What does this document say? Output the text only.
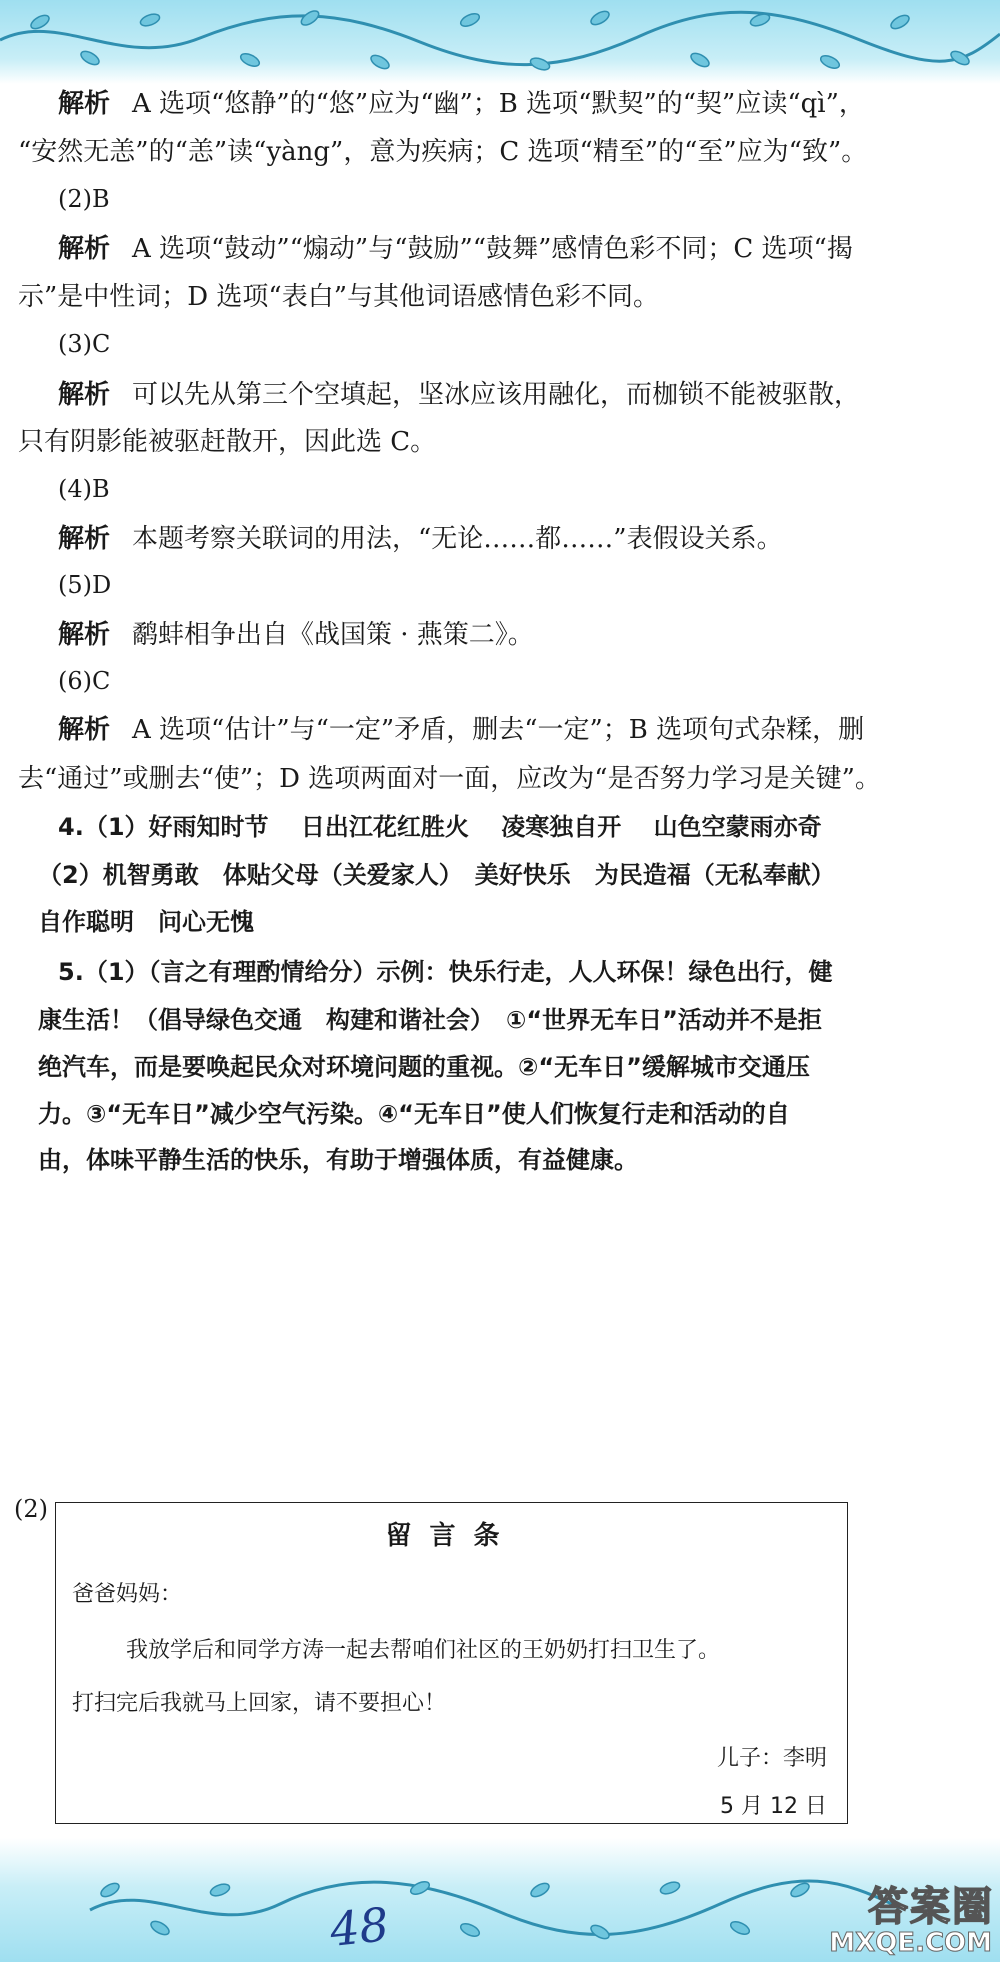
解析 A 选项“悠静”的“悠”应为“幽”；B 选项“默契”的“契”应读“qì”，
“安然无恙”的“恙”读“yàng”，意为疾病；C 选项“精至”的“至”应为“致”。
(2)B
解析 A 选项“鼓动”“煽动”与“鼓励”“鼓舞”感情色彩不同；C 选项“揭
示”是中性词；D 选项“表白”与其他词语感情色彩不同。
(3)C
解析 可以先从第三个空填起，坚冰应该用融化，而枷锁不能被驱散，
只有阴影能被驱赶散开，因此选 C。
(4)B
解析 本题考察关联词的用法，“无论……都……”表假设关系。
(5)D
解析 鹬蚌相争出自《战国策 · 燕策二》。
(6)C
解析 A 选项“估计”与“一定”矛盾，删去“一定”；B 选项句式杂糅，删
去“通过”或删去“使”；D 选项两面对一面，应改为“是否努力学习是关键”。
4.（1）好雨知时节　 日出江花红胜火　 凌寒独自开　 山色空蒙雨亦奇
（2）机智勇敢　体贴父母（关爱家人）　美好快乐　为民造福（无私奉献）
自作聪明　问心无愧
5.（1）（言之有理酌情给分）示例：快乐行走，人人环保！绿色出行，健
康生活！（倡导绿色交通　构建和谐社会）　①“世界无车日”活动并不是拒
绝汽车，而是要唤起民众对环境问题的重视。②“无车日”缓解城市交通压
力。③“无车日”减少空气污染。④“无车日”使人们恢复行走和活动的自
由，体味平静生活的快乐，有助于增强体质，有益健康。
(2)
留言条
爸爸妈妈：
我放学后和同学方涛一起去帮咱们社区的王奶奶打扫卫生了。
打扫完后我就马上回家，请不要担心！
儿子：李明
5 月 12 日
48	答案圈
MXQE.COM
